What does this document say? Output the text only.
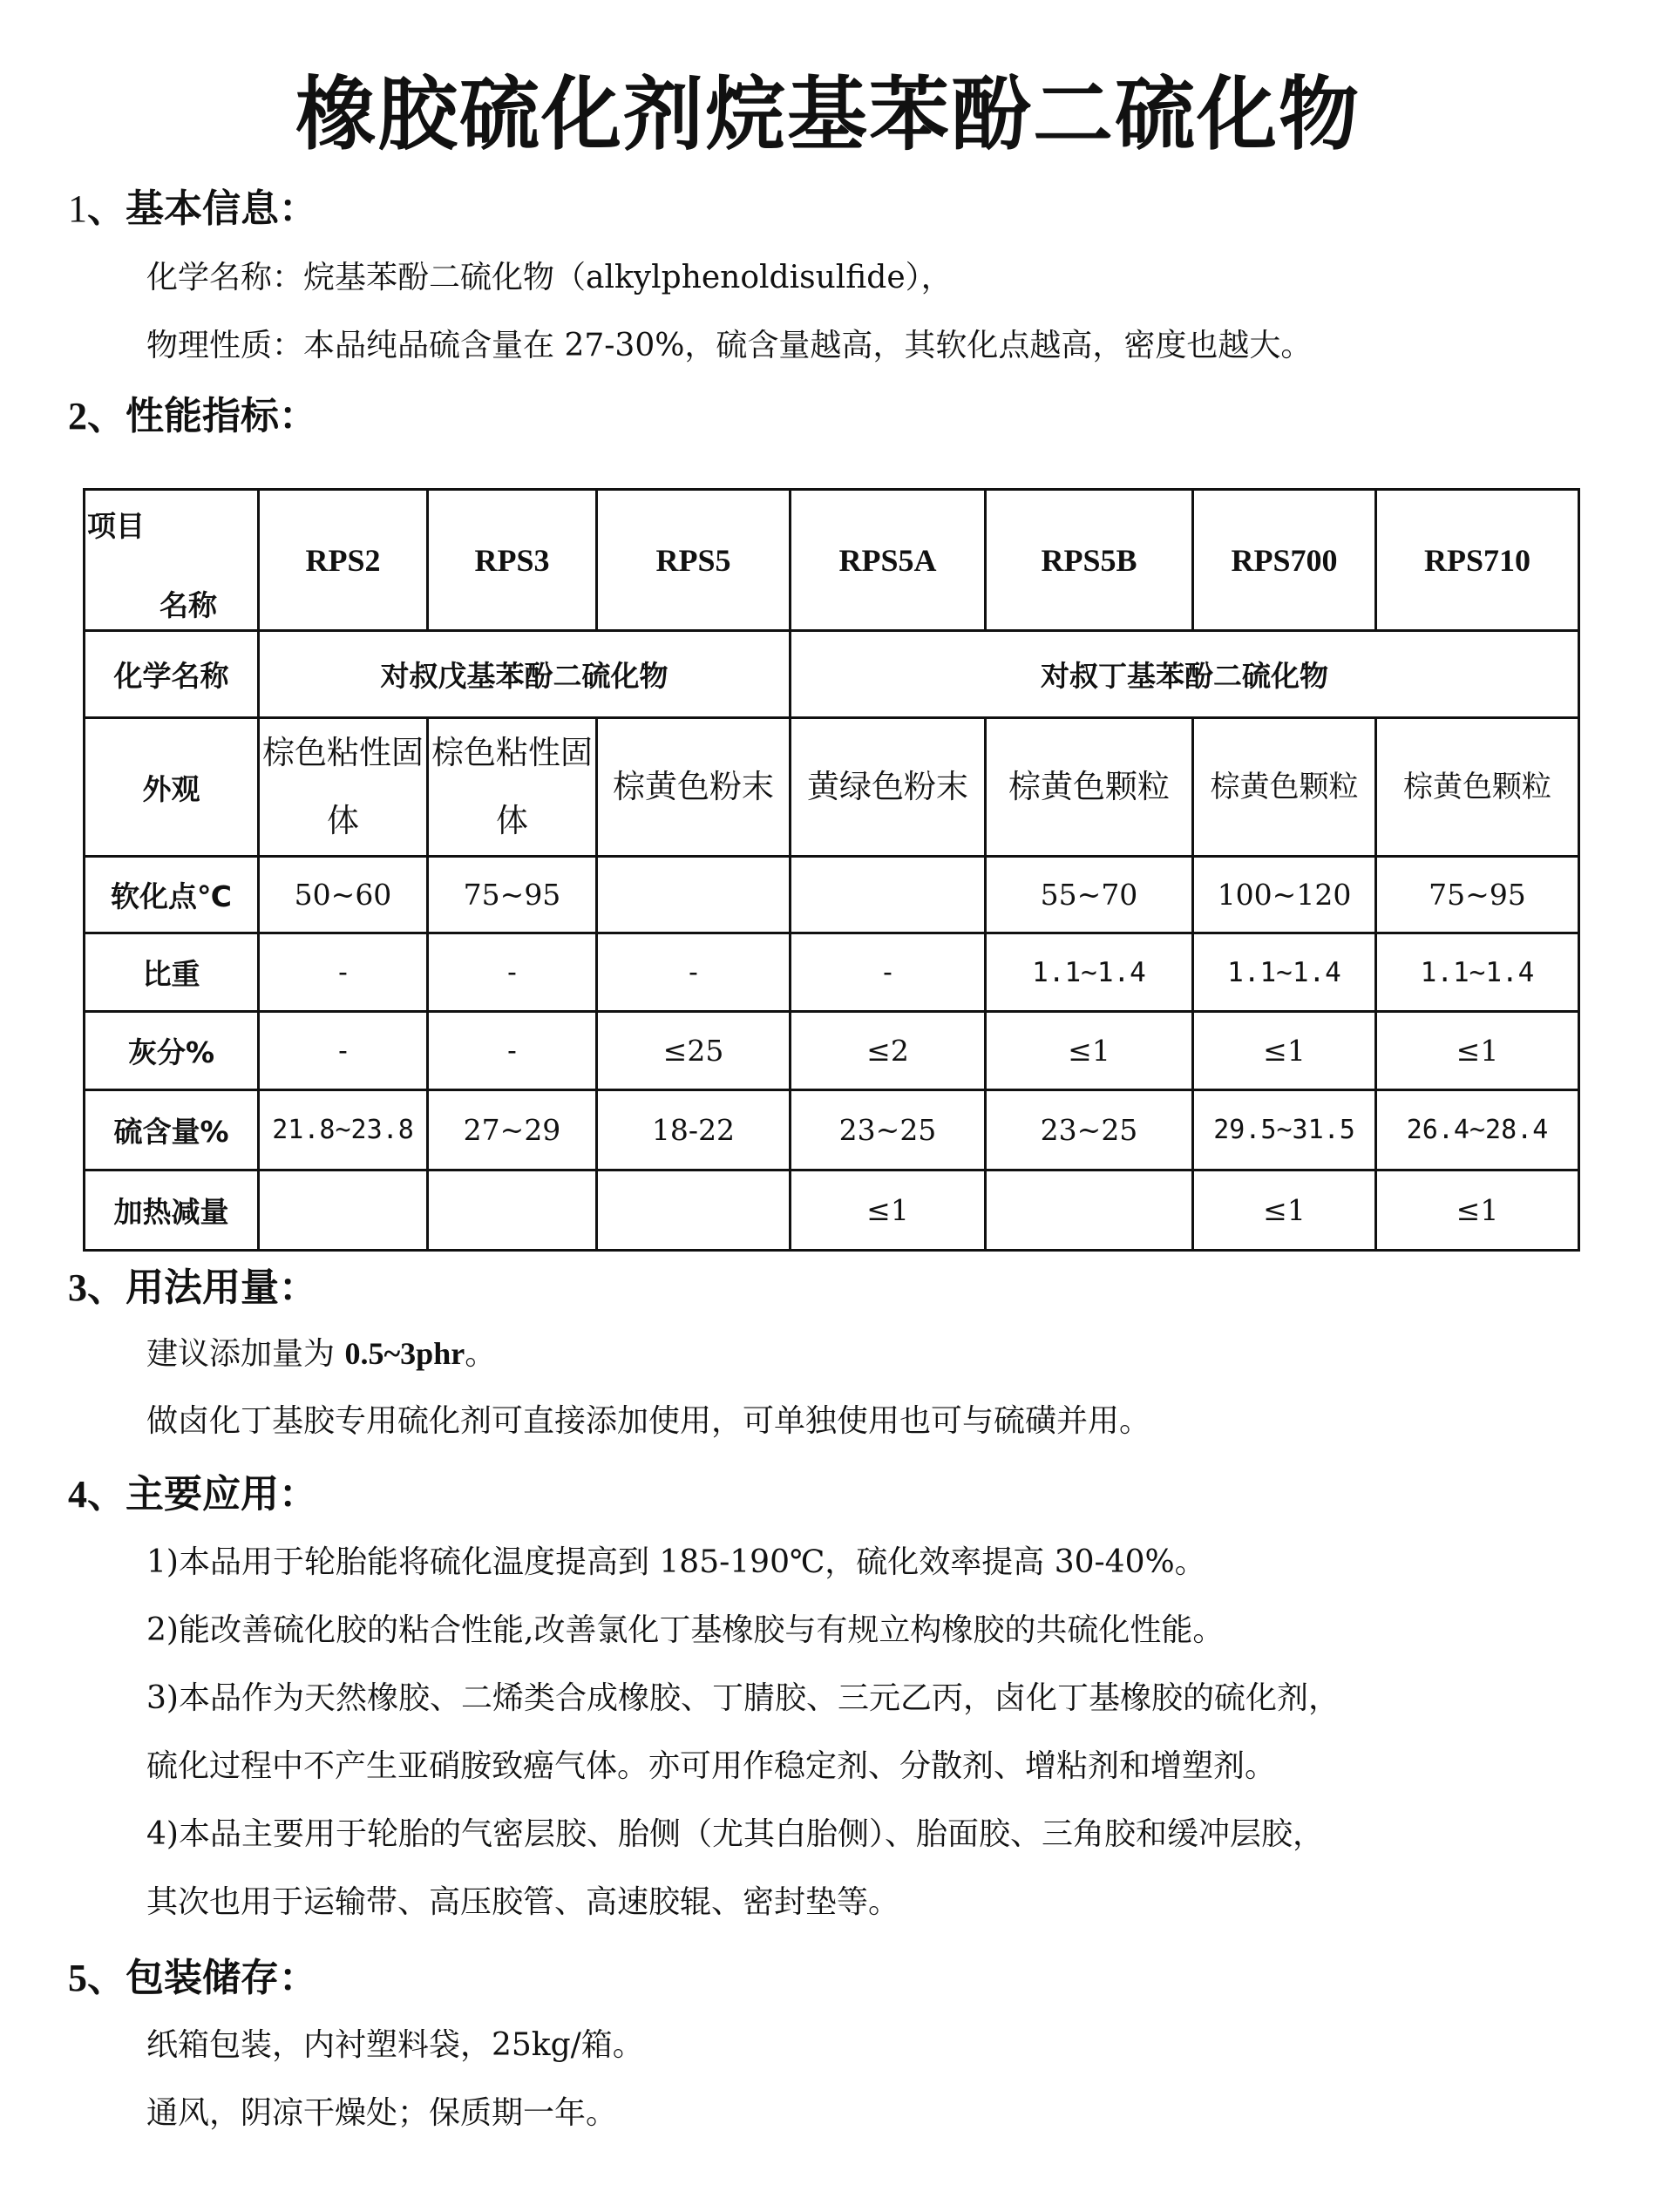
橡胶硫化剂烷基苯酚二硫化物
1、基本信息：
化学名称：烷基苯酚二硫化物（alkylphenoldisulfide），
物理性质：本品纯品硫含量在 27-30%，硫含量越高，其软化点越高，密度也越大。
2、性能指标：
名称
项目	RPS2	RPS3	RPS5	RPS5A	RPS5B	RPS700	RPS710
化学名称	对叔戊基苯酚二硫化物			对叔丁基苯酚二硫化物			
外观	棕色粘性固体	棕色粘性固体	棕黄色粉末	黄绿色粉末	棕黄色颗粒	棕黄色颗粒	棕黄色颗粒
软化点℃	50~60	75~95			55~70	100~120	75~95
比重	-	-	-	-	1.1~1.4	1.1~1.4	1.1~1.4
灰分%	-	-	≤25	≤2	≤1	≤1	≤1
硫含量%	21.8~23.8	27~29	18-22	23~25	23~25	29.5~31.5	26.4~28.4
加热减量				≤1		≤1	≤1
3、用法用量：
建议添加量为 0.5~3phr。
做卤化丁基胶专用硫化剂可直接添加使用，可单独使用也可与硫磺并用。
4、主要应用：
1)本品用于轮胎能将硫化温度提高到 185-190℃，硫化效率提高 30-40%。
2)能改善硫化胶的粘合性能,改善氯化丁基橡胶与有规立构橡胶的共硫化性能。
3)本品作为天然橡胶、二烯类合成橡胶、丁腈胶、三元乙丙，卤化丁基橡胶的硫化剂，
硫化过程中不产生亚硝胺致癌气体。亦可用作稳定剂、分散剂、增粘剂和增塑剂。
4)本品主要用于轮胎的气密层胶、胎侧（尤其白胎侧）、胎面胶、三角胶和缓冲层胶，
其次也用于运输带、高压胶管、高速胶辊、密封垫等。
5、包装储存：
纸箱包装，内衬塑料袋，25kg/箱。
通风，阴凉干燥处；保质期一年。
